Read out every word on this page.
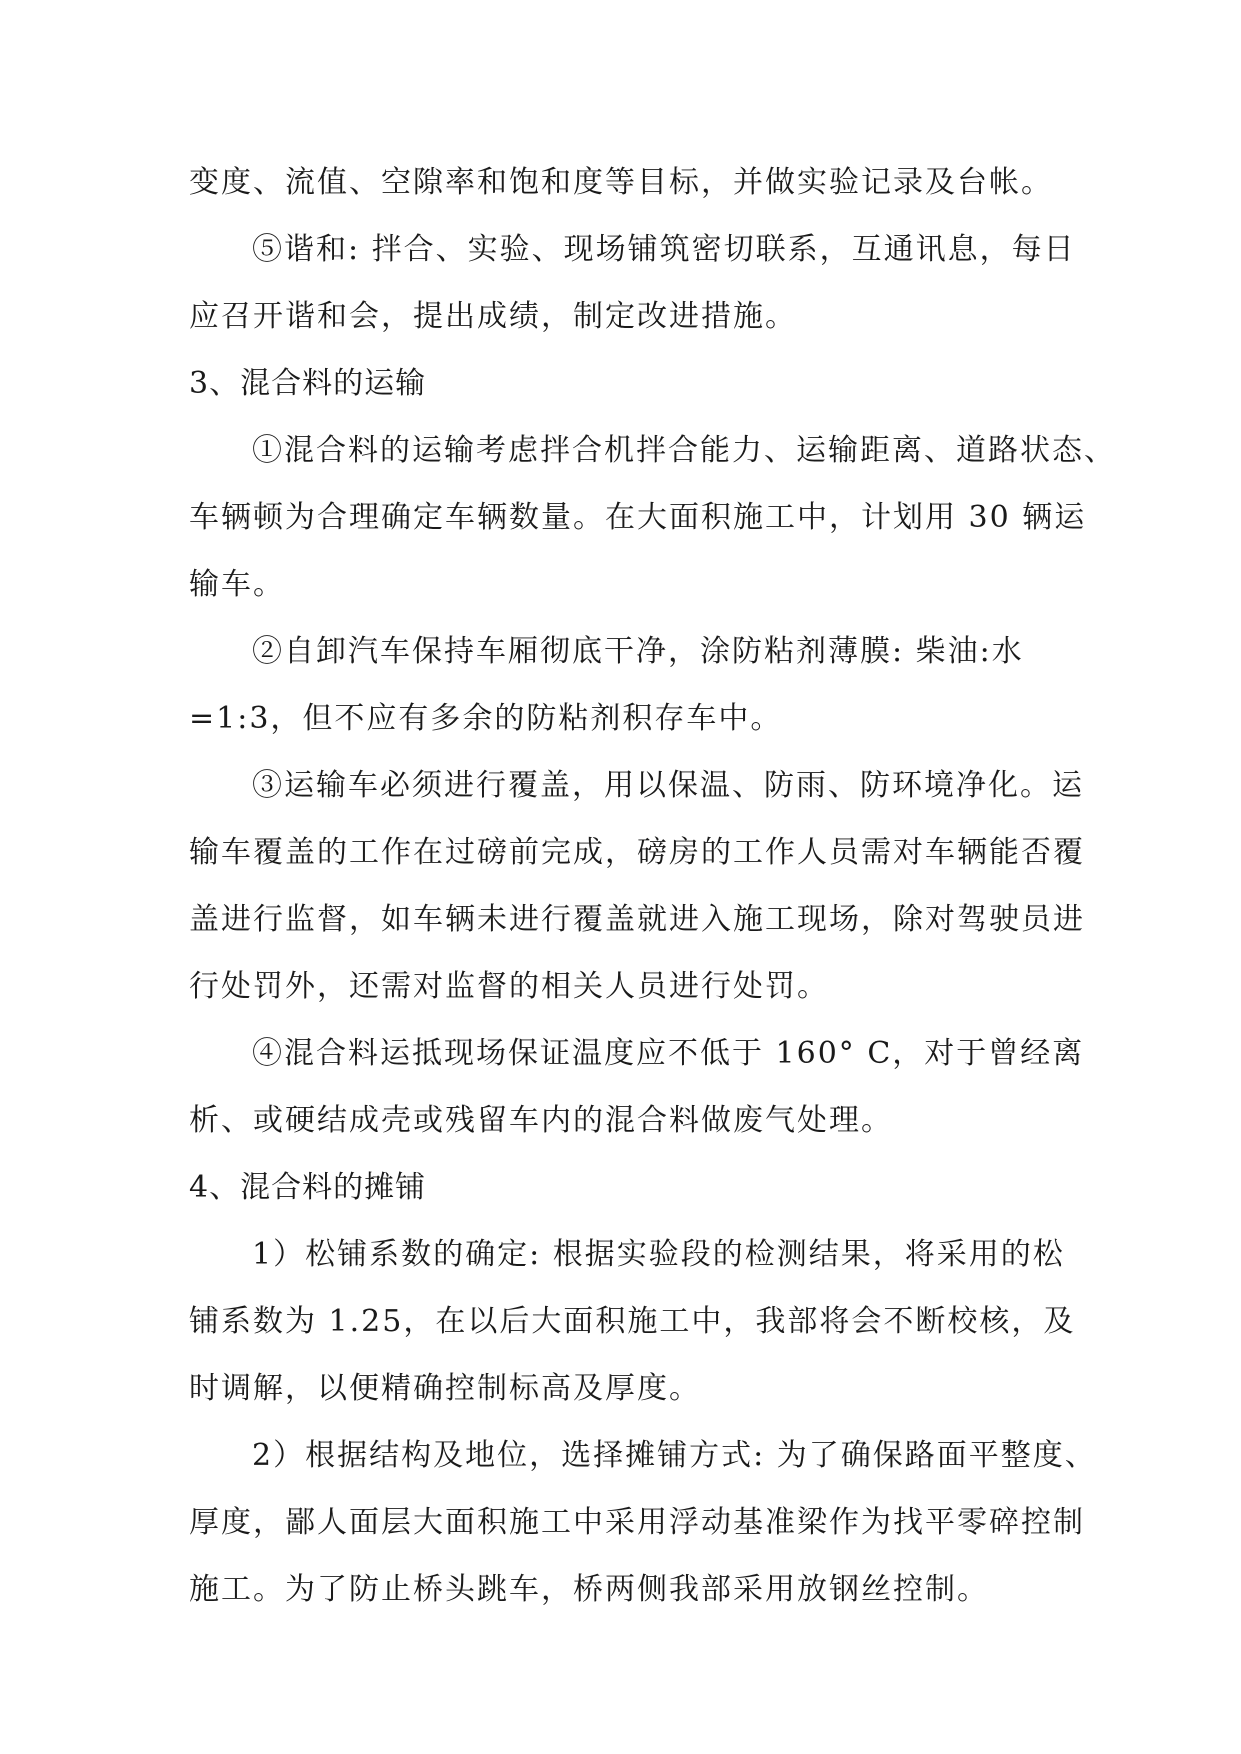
变度、流值、空隙率和饱和度等目标，并做实验记录及台帐。
⑤谐和: 拌合、实验、现场铺筑密切联系，互通讯息，每日
应召开谐和会，提出成绩，制定改进措施。
3、混合料的运输
①混合料的运输考虑拌合机拌合能力、运输距离、道路状态、
车辆顿为合理确定车辆数量。在大面积施工中，计划用 30 辆运
输车。
②自卸汽车保持车厢彻底干净，涂防粘剂薄膜: 柴油:水
=1:3，但不应有多余的防粘剂积存车中。
③运输车必须进行覆盖，用以保温、防雨、防环境净化。运
输车覆盖的工作在过磅前完成，磅房的工作人员需对车辆能否覆
盖进行监督，如车辆未进行覆盖就进入施工现场，除对驾驶员进
行处罚外，还需对监督的相关人员进行处罚。
④混合料运抵现场保证温度应不低于 160° C，对于曾经离
析、或硬结成壳或残留车内的混合料做废气处理。
4、混合料的摊铺
1）松铺系数的确定: 根据实验段的检测结果，将采用的松
铺系数为 1.25，在以后大面积施工中，我部将会不断校核，及
时调解，以便精确控制标高及厚度。
2）根据结构及地位，选择摊铺方式: 为了确保路面平整度、
厚度，鄙人面层大面积施工中采用浮动基准梁作为找平零碎控制
施工。为了防止桥头跳车，桥两侧我部采用放钢丝控制。
